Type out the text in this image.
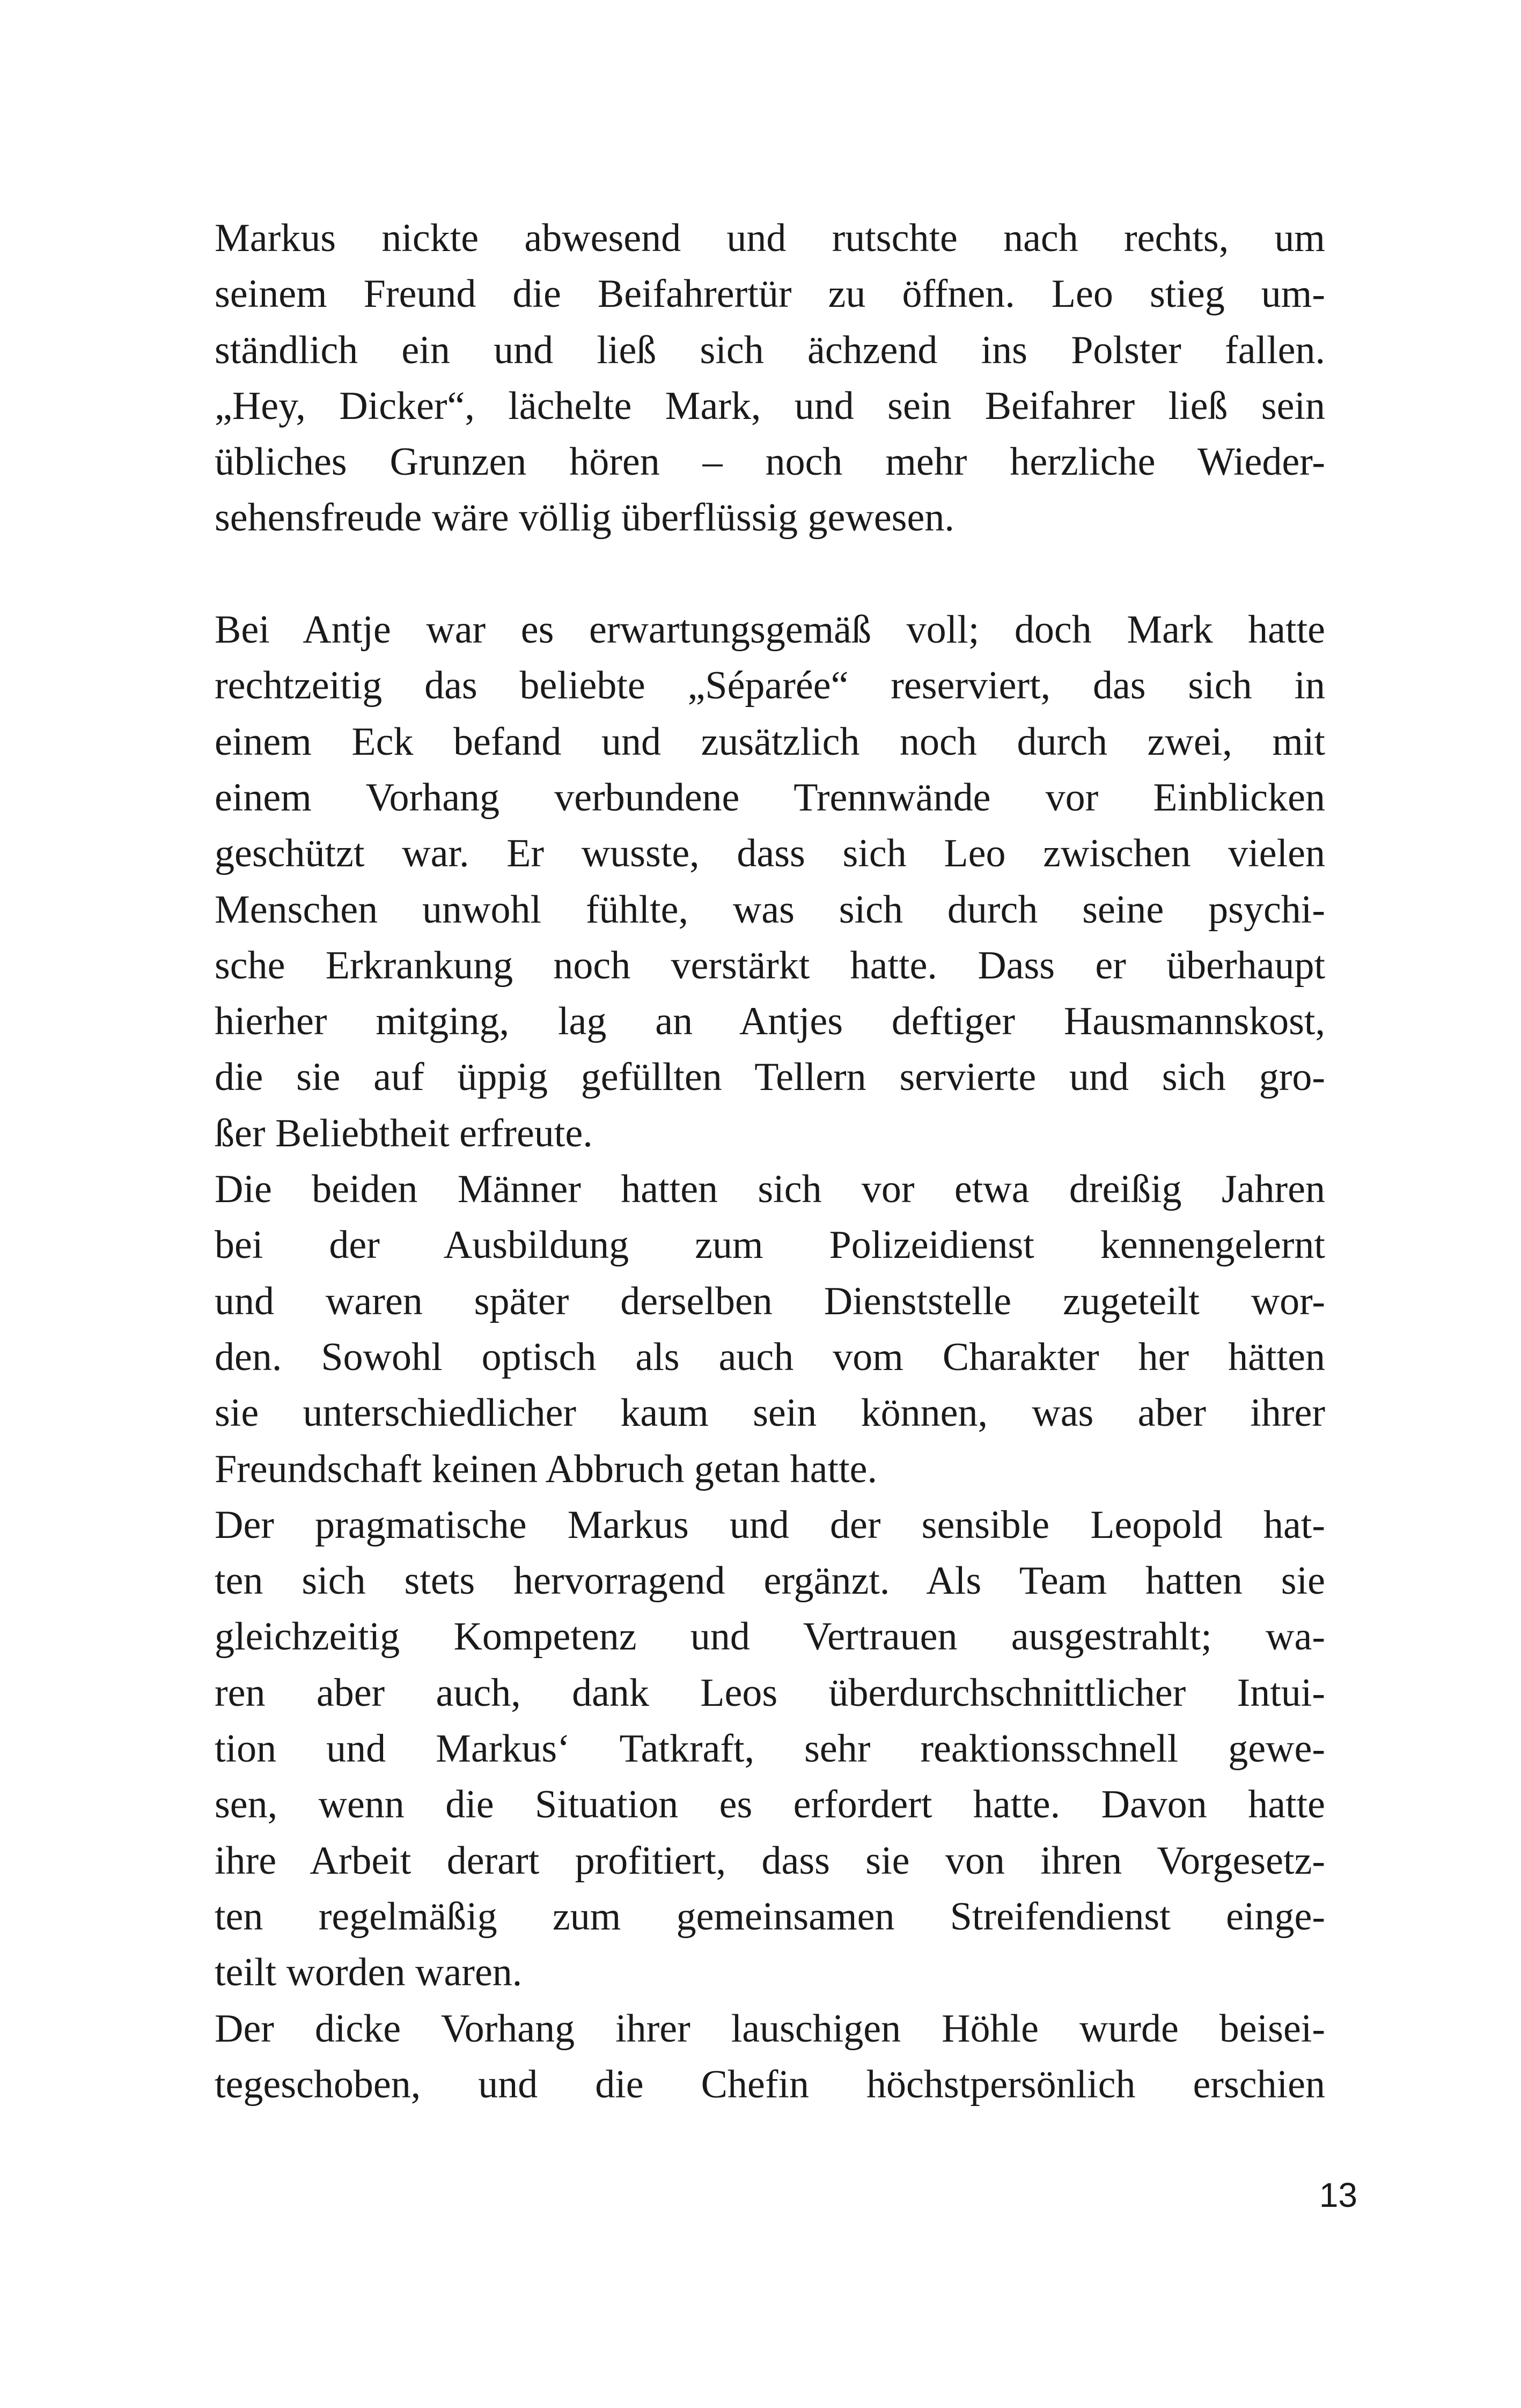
Markus nickte abwesend und rutschte nach rechts, um
seinem Freund die Beifahrertür zu öffnen. Leo stieg um-
ständlich ein und ließ sich ächzend ins Polster fallen.
„Hey, Dicker“, lächelte Mark, und sein Beifahrer ließ sein
übliches Grunzen hören – noch mehr herzliche Wieder-
sehensfreude wäre völlig überflüssig gewesen.
Bei Antje war es erwartungsgemäß voll; doch Mark hatte
rechtzeitig das beliebte „Séparée“ reserviert, das sich in
einem Eck befand und zusätzlich noch durch zwei, mit
einem Vorhang verbundene Trennwände vor Einblicken
geschützt war. Er wusste, dass sich Leo zwischen vielen
Menschen unwohl fühlte, was sich durch seine psychi-
sche Erkrankung noch verstärkt hatte. Dass er überhaupt
hierher mitging, lag an Antjes deftiger Hausmannskost,
die sie auf üppig gefüllten Tellern servierte und sich gro-
ßer Beliebtheit erfreute.
Die beiden Männer hatten sich vor etwa dreißig Jahren
bei der Ausbildung zum Polizeidienst kennengelernt
und waren später derselben Dienststelle zugeteilt wor-
den. Sowohl optisch als auch vom Charakter her hätten
sie unterschiedlicher kaum sein können, was aber ihrer
Freundschaft keinen Abbruch getan hatte.
Der pragmatische Markus und der sensible Leopold hat-
ten sich stets hervorragend ergänzt. Als Team hatten sie
gleichzeitig Kompetenz und Vertrauen ausgestrahlt; wa-
ren aber auch, dank Leos überdurchschnittlicher Intui-
tion und Markus‘ Tatkraft, sehr reaktionsschnell gewe-
sen, wenn die Situation es erfordert hatte. Davon hatte
ihre Arbeit derart profitiert, dass sie von ihren Vorgesetz-
ten regelmäßig zum gemeinsamen Streifendienst einge-
teilt worden waren.
Der dicke Vorhang ihrer lauschigen Höhle wurde beisei-
tegeschoben, und die Chefin höchstpersönlich erschien
13
